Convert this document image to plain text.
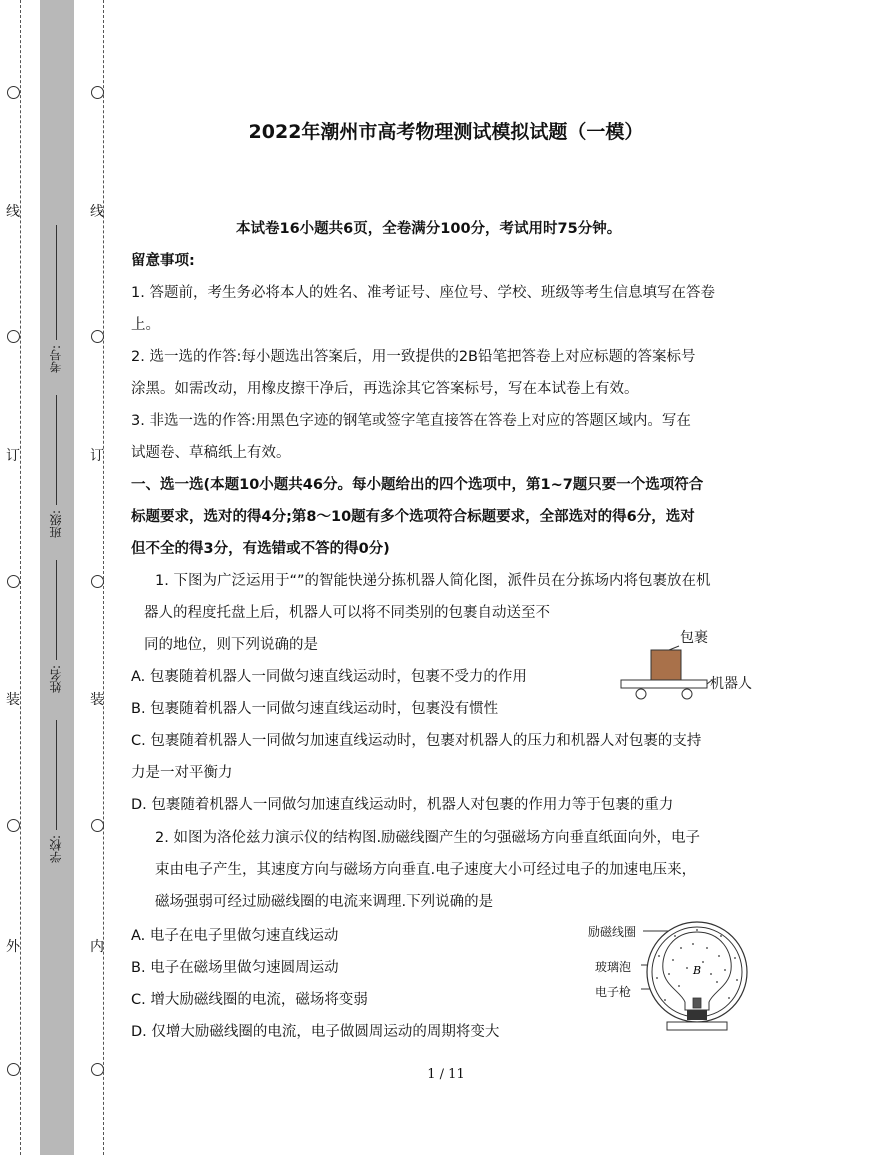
线
订
装
外
线
订
装
内
考号:
班级:
姓名:
学校:
2022年潮州市高考物理测试模拟试题（一模）
本试卷16小题共6页，全卷满分100分，考试用时75分钟。
留意事项:
1. 答题前，考生务必将本人的姓名、准考证号、座位号、学校、班级等考生信息填写在答卷
上。
2. 选一选的作答:每小题选出答案后，用一致提供的2B铅笔把答卷上对应标题的答案标号
涂黑。如需改动，用橡皮擦干净后，再选涂其它答案标号，写在本试卷上有效。
3. 非选一选的作答:用黑色字迹的钢笔或签字笔直接答在答卷上对应的答题区域内。写在
试题卷、草稿纸上有效。
一、选一选(本题10小题共46分。每小题给出的四个选项中，第1~7题只要一个选项符合
标题要求，选对的得4分;第8～10题有多个选项符合标题要求，全部选对的得6分，选对
但不全的得3分，有选错或不答的得0分)
1. 下图为广泛运用于“”的智能快递分拣机器人简化图，派件员在分拣场内将包裹放在机
器人的程度托盘上后，机器人可以将不同类别的包裹自动送至不
同的地位，则下列说确的是
A. 包裹随着机器人一同做匀速直线运动时，包裹不受力的作用
B. 包裹随着机器人一同做匀速直线运动时，包裹没有惯性
C. 包裹随着机器人一同做匀加速直线运动时，包裹对机器人的压力和机器人对包裹的支持
力是一对平衡力
D. 包裹随着机器人一同做匀加速直线运动时，机器人对包裹的作用力等于包裹的重力
包裹
机器人
2. 如图为洛伦兹力演示仪的结构图.励磁线圈产生的匀强磁场方向垂直纸面向外，电子
束由电子产生，其速度方向与磁场方向垂直.电子速度大小可经过电子的加速电压来，
磁场强弱可经过励磁线圈的电流来调理.下列说确的是
A. 电子在电子里做匀速直线运动
B. 电子在磁场里做匀速圆周运动
C. 增大励磁线圈的电流，磁场将变弱
D. 仅增大励磁线圈的电流，电子做圆周运动的周期将变大
励磁线圈
玻璃泡
电子枪
B
1 / 11
